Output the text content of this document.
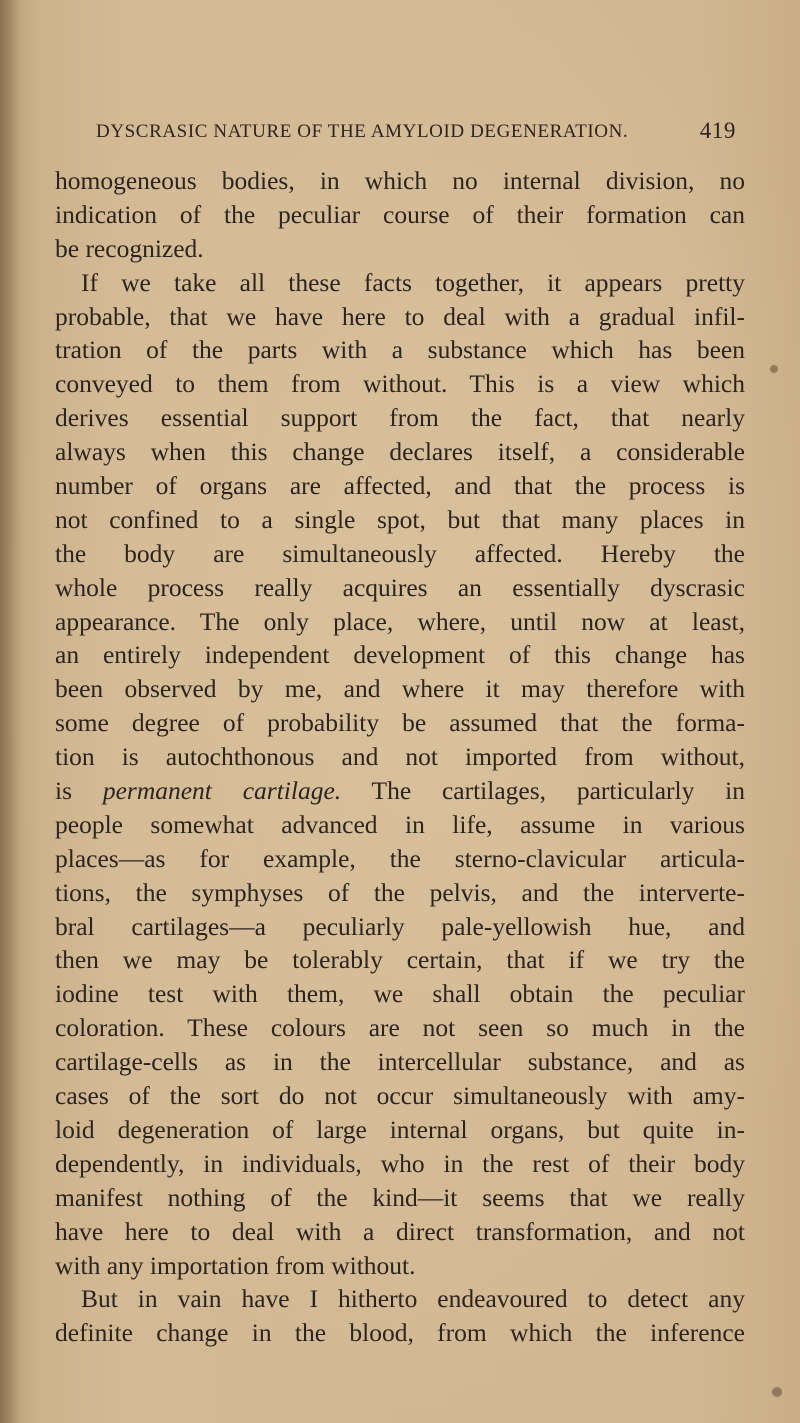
DYSCRASIC NATURE OF THE AMYLOID DEGENERATION.	419
homogeneous bodies, in which no internal division, no
indication of the peculiar course of their formation can
be recognized.
If we take all these facts together, it appears pretty
probable, that we have here to deal with a gradual infil-
tration of the parts with a substance which has been
conveyed to them from without. This is a view which
derives essential support from the fact, that nearly
always when this change declares itself, a considerable
number of organs are affected, and that the process is
not confined to a single spot, but that many places in
the body are simultaneously affected. Hereby the
whole process really acquires an essentially dyscrasic
appearance. The only place, where, until now at least,
an entirely independent development of this change has
been observed by me, and where it may therefore with
some degree of probability be assumed that the forma-
tion is autochthonous and not imported from without,
is permanent cartilage. The cartilages, particularly in
people somewhat advanced in life, assume in various
places—as for example, the sterno-clavicular articula-
tions, the symphyses of the pelvis, and the interverte-
bral cartilages—a peculiarly pale-yellowish hue, and
then we may be tolerably certain, that if we try the
iodine test with them, we shall obtain the peculiar
coloration. These colours are not seen so much in the
cartilage-cells as in the intercellular substance, and as
cases of the sort do not occur simultaneously with amy-
loid degeneration of large internal organs, but quite in-
dependently, in individuals, who in the rest of their body
manifest nothing of the kind—it seems that we really
have here to deal with a direct transformation, and not
with any importation from without.
But in vain have I hitherto endeavoured to detect any
definite change in the blood, from which the inference
